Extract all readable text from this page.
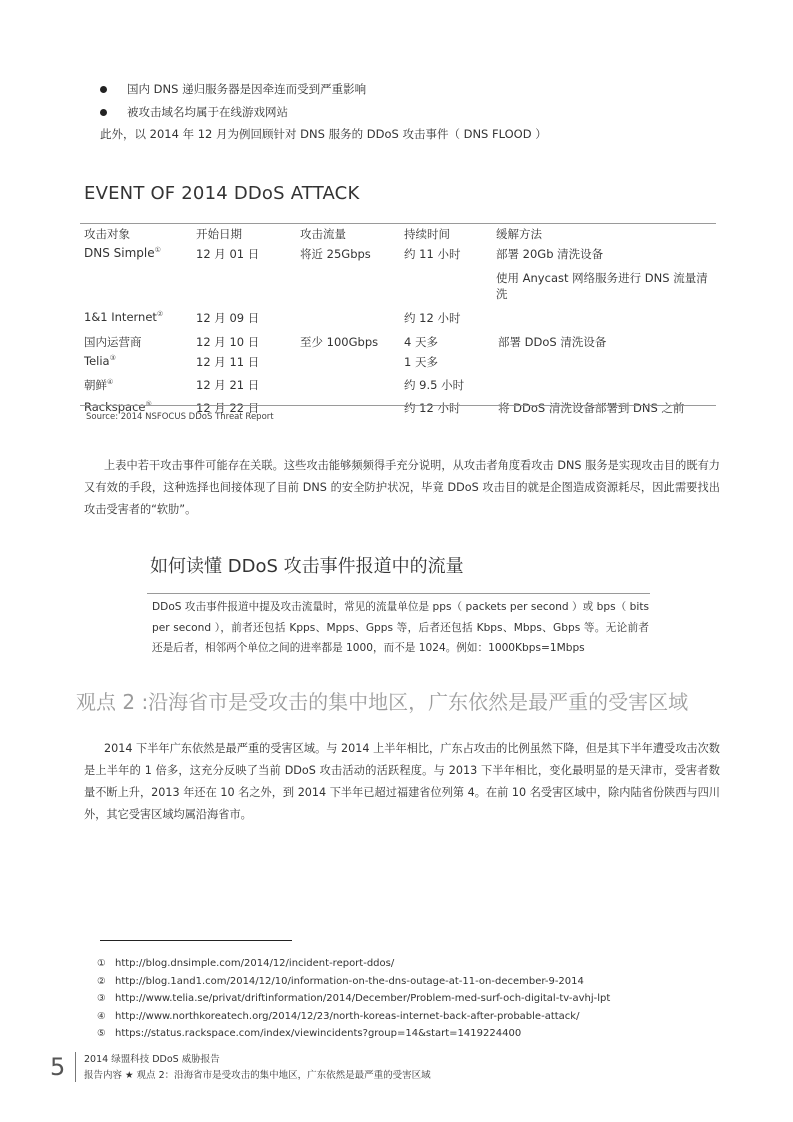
国内 DNS 递归服务器是因牵连而受到严重影响
被攻击域名均属于在线游戏网站
此外，以 2014 年 12 月为例回顾针对 DNS 服务的 DDoS 攻击事件（ DNS FLOOD ）
EVENT OF 2014 DDoS ATTACK
攻击对象	开始日期	攻击流量	持续时间	缓解方法
DNS Simple①	12 月 01 日	将近 25Gbps	约 11 小时	部署 20Gb 清洗设备
				使用 Anycast 网络服务进行 DNS 流量清洗
1&1 Internet②	12 月 09 日		约 12 小时	
国内运营商	12 月 10 日	至少 100Gbps	4 天多	部署 DDoS 清洗设备
Telia③	12 月 11 日		1 天多	
朝鲜④	12 月 21 日		约 9.5 小时	
Rackspace⑤	12 月 22 日		约 12 小时	将 DDoS 清洗设备部署到 DNS 之前
Source: 2014 NSFOCUS DDoS Threat Report
上表中若干攻击事件可能存在关联。这些攻击能够频频得手充分说明，从攻击者角度看攻击 DNS 服务是实现攻击目的既有力又有效的手段，这种选择也间接体现了目前 DNS 的安全防护状况，毕竟 DDoS 攻击目的就是企图造成资源耗尽，因此需要找出攻击受害者的“软肋”。
如何读懂 DDoS 攻击事件报道中的流量
DDoS 攻击事件报道中提及攻击流量时，常见的流量单位是 pps（ packets per second ）或 bps（ bits per second ），前者还包括 Kpps、Mpps、Gpps 等，后者还包括 Kbps、Mbps、Gbps 等。无论前者还是后者，相邻两个单位之间的进率都是 1000，而不是 1024。例如：1000Kbps=1Mbps
观点 2 :沿海省市是受攻击的集中地区，广东依然是最严重的受害区域
2014 下半年广东依然是最严重的受害区域。与 2014 上半年相比，广东占攻击的比例虽然下降，但是其下半年遭受攻击次数是上半年的 1 倍多，这充分反映了当前 DDoS 攻击活动的活跃程度。与 2013 下半年相比，变化最明显的是天津市，受害者数量不断上升，2013 年还在 10 名之外，到 2014 下半年已超过福建省位列第 4。在前 10 名受害区域中，除内陆省份陕西与四川外，其它受害区域均属沿海省市。
① http://blog.dnsimple.com/2014/12/incident-report-ddos/
② http://blog.1and1.com/2014/12/10/information-on-the-dns-outage-at-11-on-december-9-2014
③ http://www.telia.se/privat/driftinformation/2014/December/Problem-med-surf-och-digital-tv-avhj-lpt
④ http://www.northkoreatech.org/2014/12/23/north-koreas-internet-back-after-probable-attack/
⑤ https://status.rackspace.com/index/viewincidents?group=14&start=1419224400
5 2014 绿盟科技 DDoS 威胁报告
报告内容 ★ 观点 2：沿海省市是受攻击的集中地区，广东依然是最严重的受害区域
